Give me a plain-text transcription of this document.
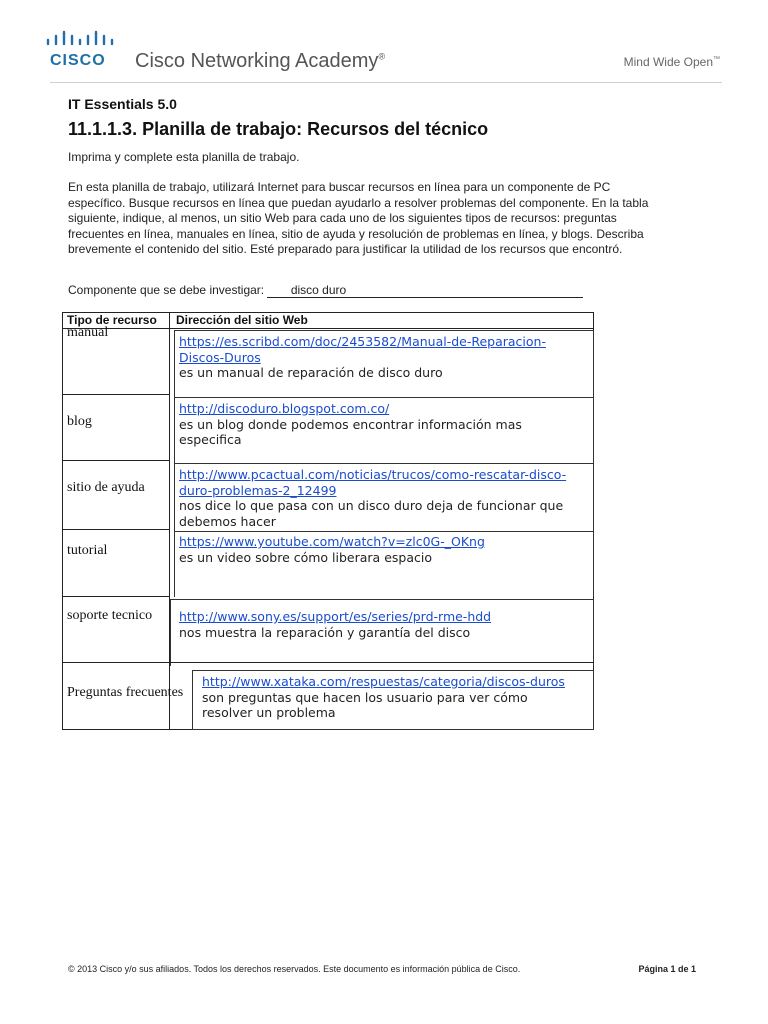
CISCO Cisco Networking Academy®	Mind Wide Open™
IT Essentials 5.0
11.1.1.3. Planilla de trabajo: Recursos del técnico
Imprima y complete esta planilla de trabajo.
En esta planilla de trabajo, utilizará Internet para buscar recursos en línea para un componente de PC específico. Busque recursos en línea que puedan ayudarlo a resolver problemas del componente. En la tabla siguiente, indique, al menos, un sitio Web para cada uno de los siguientes tipos de recursos: preguntas frecuentes en línea, manuales en línea, sitio de ayuda y resolución de problemas en línea, y blogs. Describa brevemente el contenido del sitio. Esté preparado para justificar la utilidad de los recursos que encontró.
Componente que se debe investigar: disco duro
Tipo de recurso Dirección del sitio Web
manual
https://es.scribd.com/doc/2453582/Manual-de-Reparacion-
Discos-Duros
es un manual de reparación de disco duro
blog
http://discoduro.blogspot.com.co/
es un blog donde podemos encontrar información mas
especifica
sitio de ayuda
http://www.pcactual.com/noticias/trucos/como-rescatar-disco-
duro-problemas-2_12499
nos dice lo que pasa con un disco duro deja de funcionar que
debemos hacer
tutorial
https://www.youtube.com/watch?v=zlc0G-_OKng
es un video sobre cómo liberara espacio
soporte tecnico http://www.sony.es/support/es/series/prd-rme-hdd
nos muestra la reparación y garantía del disco
Preguntas frecuentes
http://www.xataka.com/respuestas/categoria/discos-duros
son preguntas que hacen los usuario para ver cómo
resolver un problema
© 2013 Cisco y/o sus afiliados. Todos los derechos reservados. Este documento es información pública de Cisco.	Página 1 de 1
